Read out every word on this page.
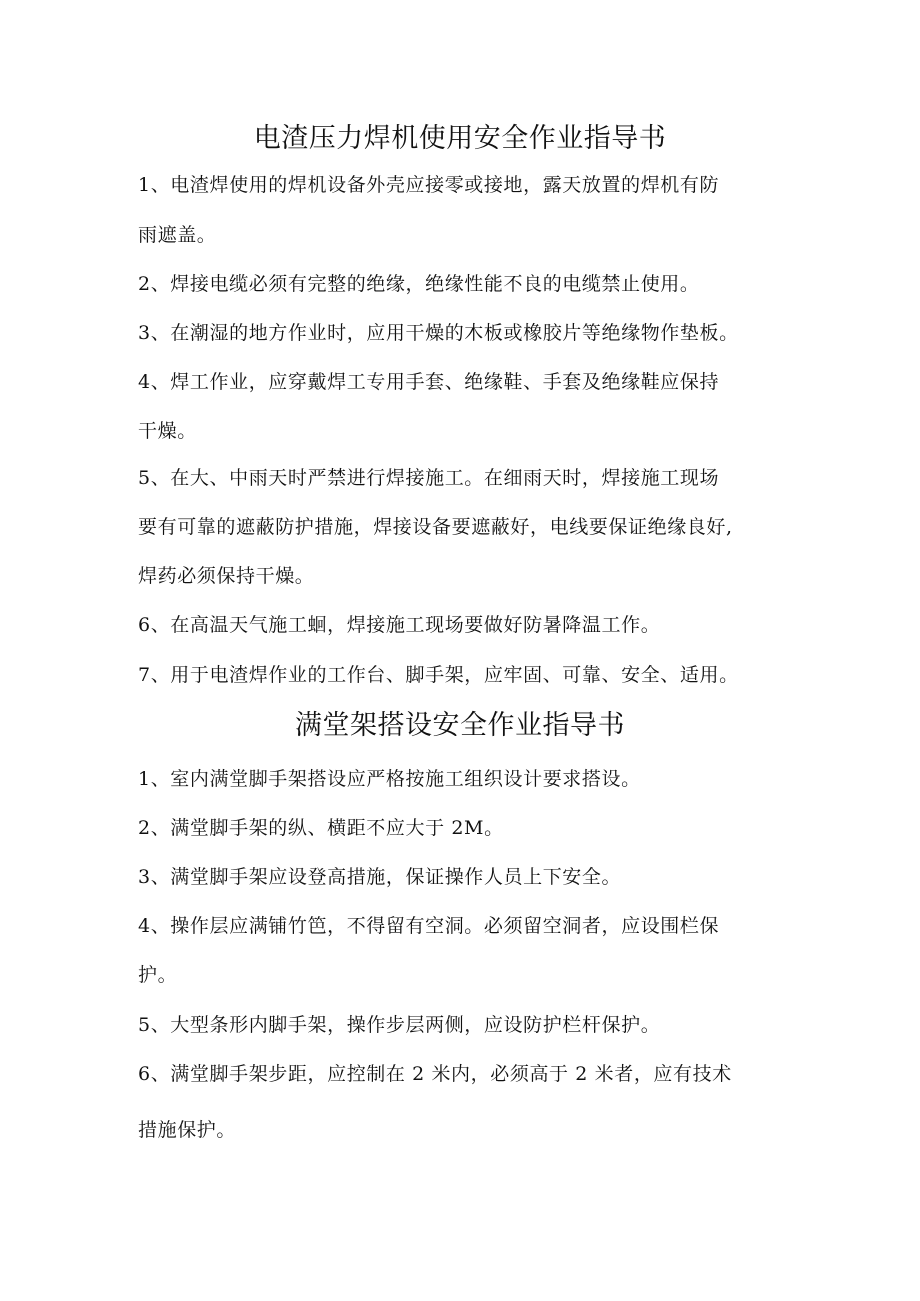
电渣压力焊机使用安全作业指导书
1、电渣焊使用的焊机设备外壳应接零或接地，露天放置的焊机有防
雨遮盖。
2、焊接电缆必须有完整的绝缘，绝缘性能不良的电缆禁止使用。
3、在潮湿的地方作业时，应用干燥的木板或橡胶片等绝缘物作垫板。
4、焊工作业，应穿戴焊工专用手套、绝缘鞋、手套及绝缘鞋应保持
干燥。
5、在大、中雨天时严禁进行焊接施工。在细雨天时，焊接施工现场
要有可靠的遮蔽防护措施，焊接设备要遮蔽好，电线要保证绝缘良好,
焊药必须保持干燥。
6、在高温天气施工蛔，焊接施工现场要做好防暑降温工作。
7、用于电渣焊作业的工作台、脚手架，应牢固、可靠、安全、适用。
满堂架搭设安全作业指导书
1、室内满堂脚手架搭设应严格按施工组织设计要求搭设。
2、满堂脚手架的纵、横距不应大于 2M。
3、满堂脚手架应设登高措施，保证操作人员上下安全。
4、操作层应满铺竹笆，不得留有空洞。必须留空洞者，应设围栏保
护。
5、大型条形内脚手架，操作步层两侧，应设防护栏杆保护。
6、满堂脚手架步距，应控制在 2 米内，必须高于 2 米者，应有技术
措施保护。
